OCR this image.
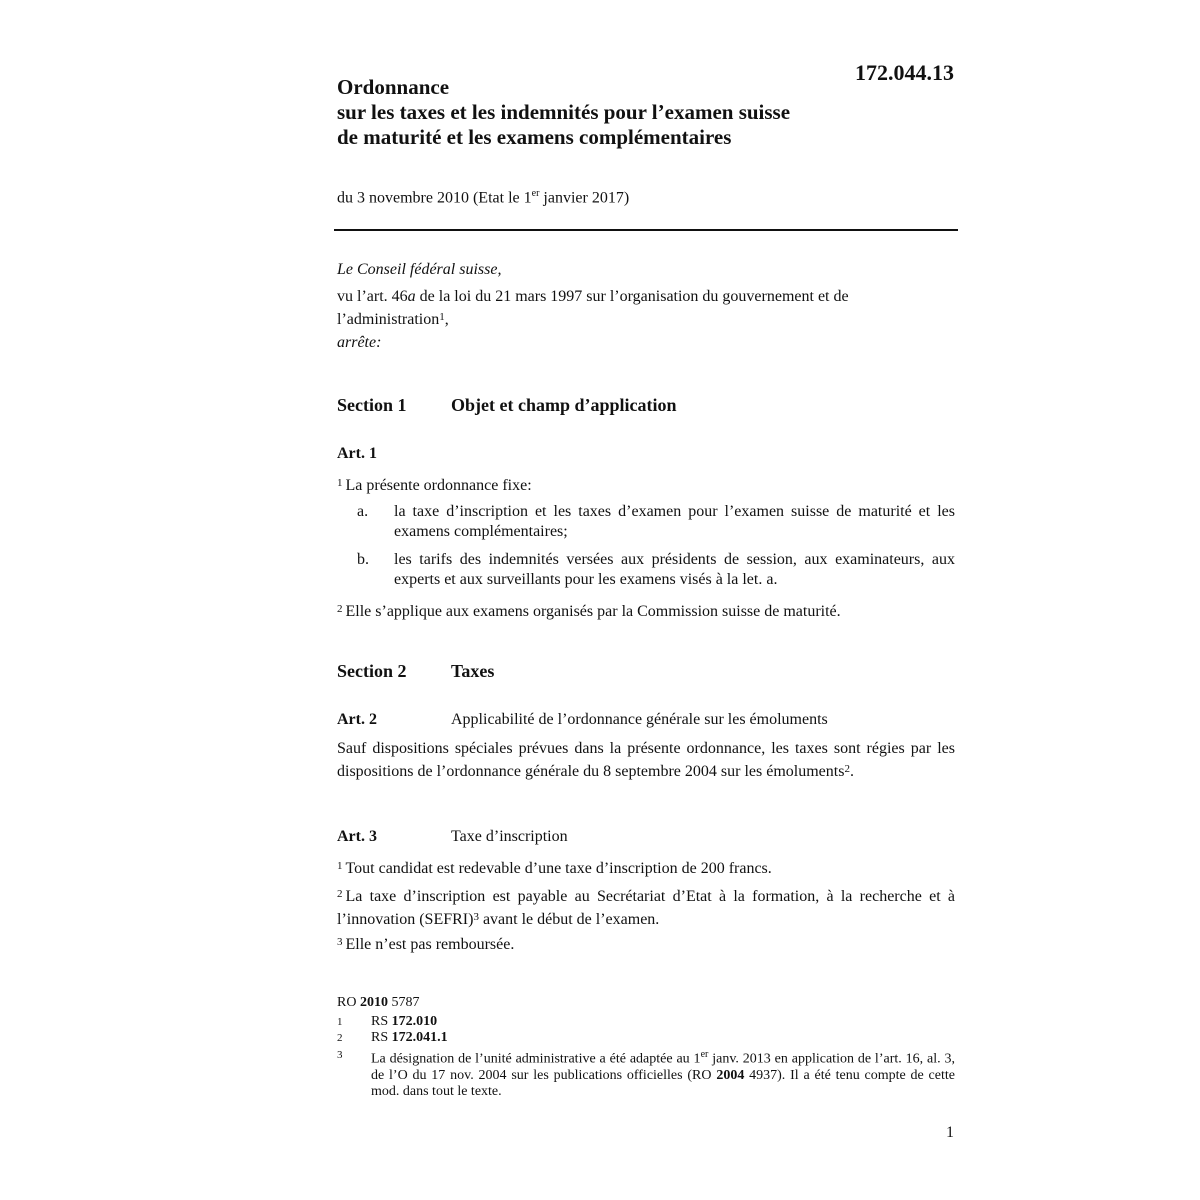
172.044.13
Ordonnance
sur les taxes et les indemnités pour l’examen suisse
de maturité et les examens complémentaires
du 3 novembre 2010 (Etat le 1er janvier 2017)
Le Conseil fédéral suisse,
vu l’art. 46a de la loi du 21 mars 1997 sur l’organisation du gouvernement et de l’administration$^1$,
arrête:
Section 1 Objet et champ d’application
Art. 1
$^1$ La présente ordonnance fixe:
a. la taxe d’inscription et les taxes d’examen pour l’examen suisse de maturité et les examens complémentaires;
b. les tarifs des indemnités versées aux présidents de session, aux examinateurs, aux experts et aux surveillants pour les examens visés à la let. a.
$^2$ Elle s’applique aux examens organisés par la Commission suisse de maturité.
Section 2 Taxes
Art. 2	Applicabilité de l’ordonnance générale sur les émoluments
Sauf dispositions spéciales prévues dans la présente ordonnance, les taxes sont régies par les dispositions de l’ordonnance générale du 8 septembre 2004 sur les émoluments$^2$.
Art. 3	Taxe d’inscription
$^1$ Tout candidat est redevable d’une taxe d’inscription de 200 francs.
$^2$ La taxe d’inscription est payable au Secrétariat d’Etat à la formation, à la recherche et à l’innovation (SEFRI)$^3$ avant le début de l’examen.
$^3$ Elle n’est pas remboursée.
RO 2010 5787
1 RS 172.010
2 RS 172.041.1
3 La désignation de l’unité administrative a été adaptée au 1er janv. 2013 en application de l’art. 16, al. 3, de l’O du 17 nov. 2004 sur les publications officielles (RO 2004 4937). Il a été tenu compte de cette mod. dans tout le texte.
1
